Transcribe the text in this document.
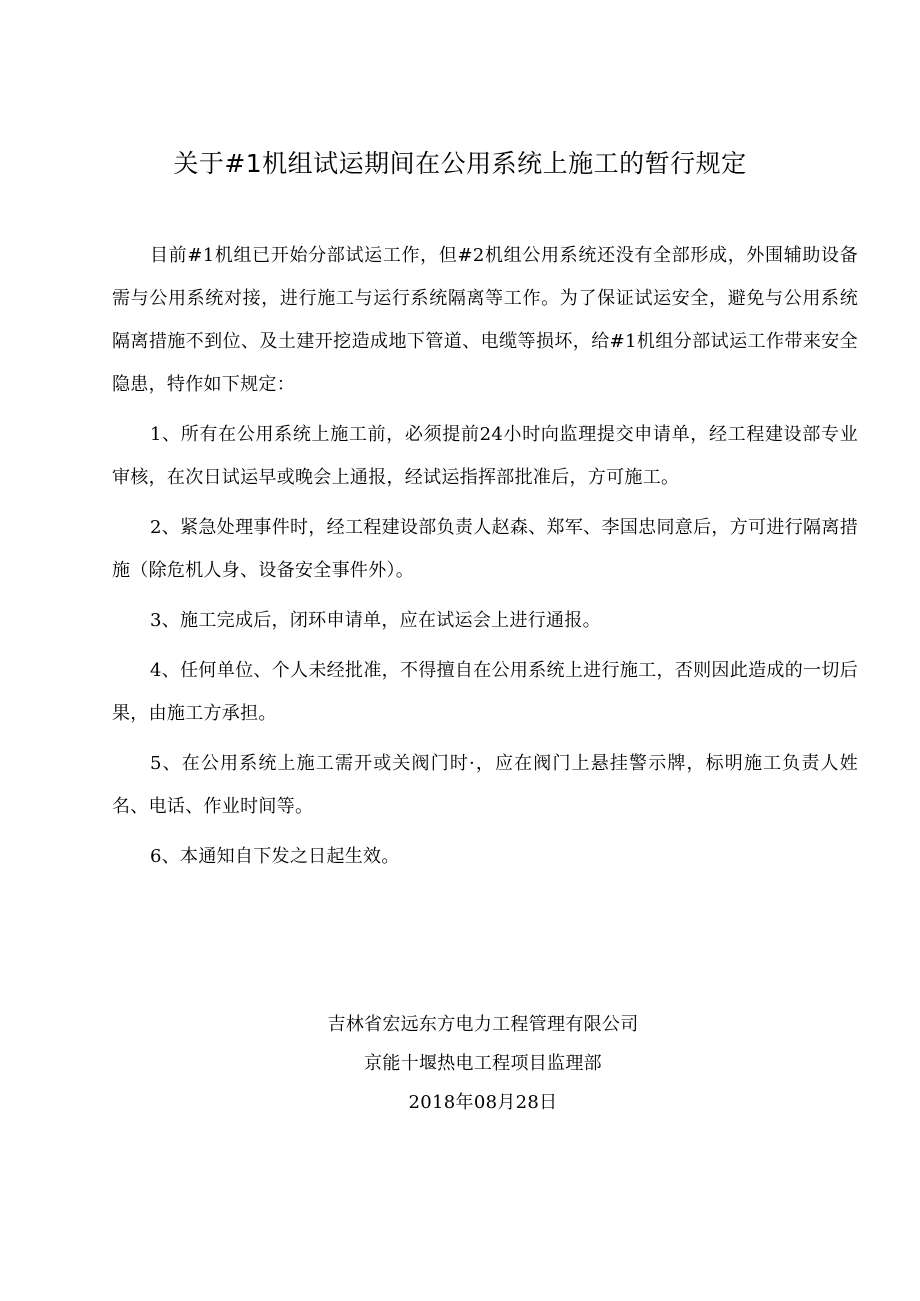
关于#1机组试运期间在公用系统上施工的暂行规定

目前#1机组已开始分部试运工作，但#2机组公用系统还没有全部形成，外围辅助设备需与公用系统对接，进行施工与运行系统隔离等工作。为了保证试运安全，避免与公用系统隔离措施不到位、及土建开挖造成地下管道、电缆等损坏，给#1机组分部试运工作带来安全隐患，特作如下规定：

1、所有在公用系统上施工前，必须提前24小时向监理提交申请单，经工程建设部专业审核，在次日试运早或晚会上通报，经试运指挥部批准后，方可施工。

2、紧急处理事件时，经工程建设部负责人赵森、郑军、李国忠同意后，方可进行隔离措施（除危机人身、设备安全事件外）。

3、施工完成后，闭环申请单，应在试运会上进行通报。

4、任何单位、个人未经批准，不得擅自在公用系统上进行施工，否则因此造成的一切后果，由施工方承担。

5、在公用系统上施工需开或关阀门时·，应在阀门上悬挂警示牌，标明施工负责人姓名、电话、作业时间等。

6、本通知自下发之日起生效。

吉林省宏远东方电力工程管理有限公司
京能十堰热电工程项目监理部
2018年08月28日
